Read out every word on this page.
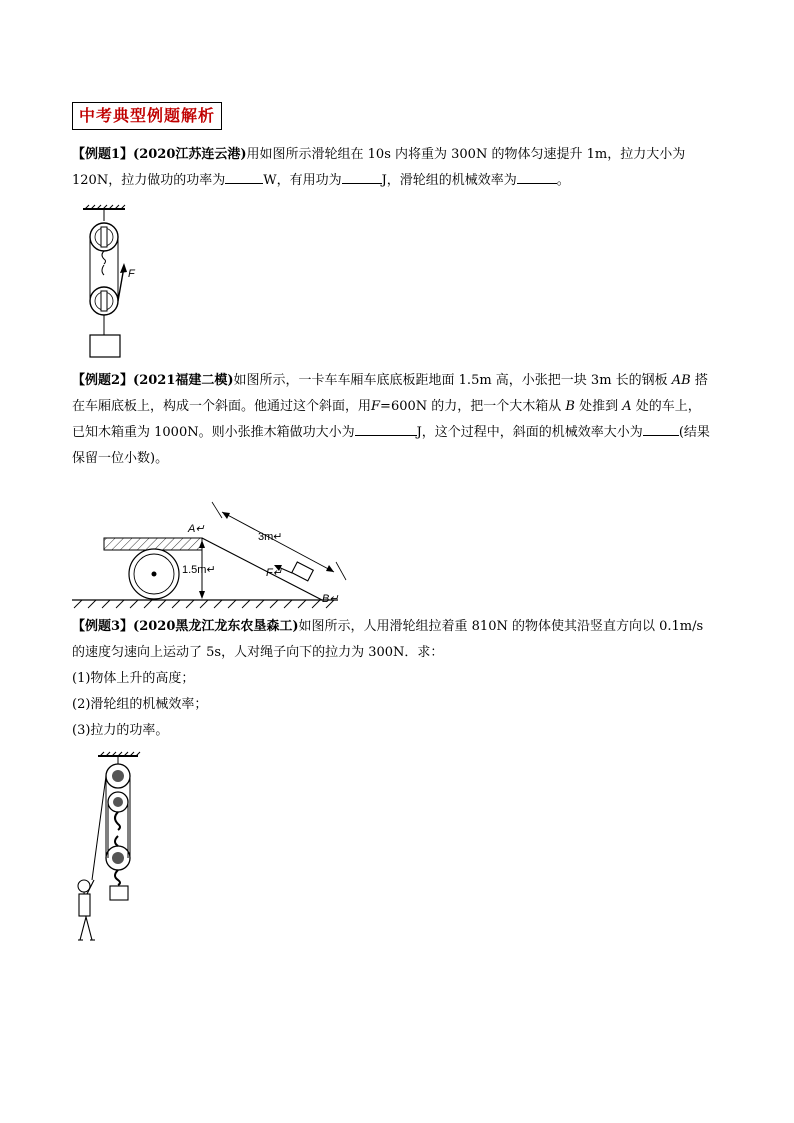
中考典型例题解析
【例题1】(2020江苏连云港)用如图所示滑轮组在 10s 内将重为 300N 的物体匀速提升 1m，拉力大小为
120N，拉力做功的功率为	W，有用功为	J，滑轮组的机械效率为	。
F
【例题2】(2021福建二模)如图所示，一卡车车厢车底底板距地面 1.5m 高，小张把一块 3m 长的钢板 AB 搭
在车厢底板上，构成一个斜面。他通过这个斜面，用F=600N 的力，把一个大木箱从 B 处推到 A 处的车上，
已知木箱重为 1000N。则小张推木箱做功大小为	J，这个过程中，斜面的机械效率大小为	(结果
保留一位小数)。
1.5m↵
A↵
B↵
3m↵
F↵
【例题3】(2020黑龙江龙东农垦森工)如图所示，人用滑轮组拉着重 810N 的物体使其沿竖直方向以 0.1m/s
的速度匀速向上运动了 5s，人对绳子向下的拉力为 300N．求：
(1)物体上升的高度；
(2)滑轮组的机械效率；
(3)拉力的功率。
